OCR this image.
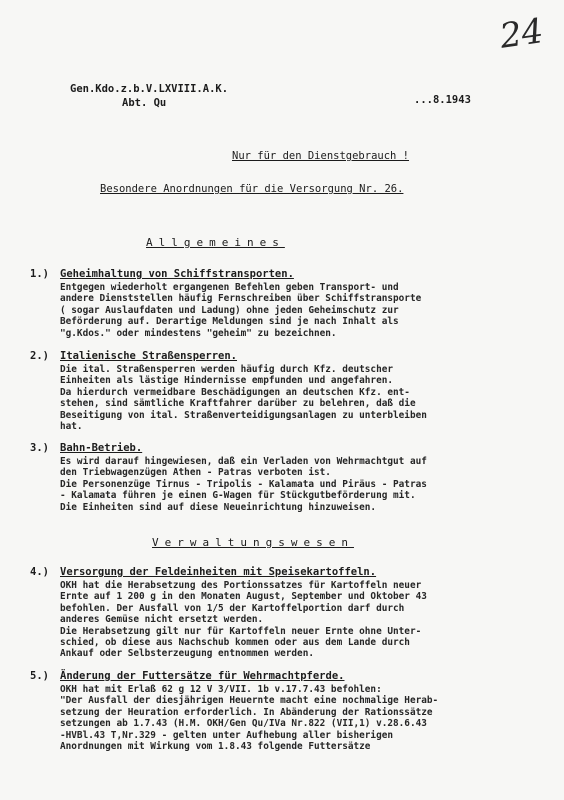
24
Gen.Kdo.z.b.V.LXVIII.A.K.
Abt. Qu	...8.1943
Nur für den Dienstgebrauch !
Besondere Anordnungen für die Versorgung Nr. 26.
Allgemeines
1.)	Geheimhaltung von Schiffstransporten.
Entgegen wiederholt ergangenen Befehlen geben Transport- und
andere Dienststellen häufig Fernschreiben über Schiffstransporte
( sogar Auslaufdaten und Ladung) ohne jeden Geheimschutz zur
Beförderung auf. Derartige Meldungen sind je nach Inhalt als
"g.Kdos." oder mindestens "geheim" zu bezeichnen.
2.)	Italienische Straßensperren.
Die ital. Straßensperren werden häufig durch Kfz. deutscher
Einheiten als lästige Hindernisse empfunden und angefahren.
Da hierdurch vermeidbare Beschädigungen an deutschen Kfz. ent-
stehen, sind sämtliche Kraftfahrer darüber zu belehren, daß die
Beseitigung von ital. Straßenverteidigungsanlagen zu unterbleiben
hat.
3.)	Bahn-Betrieb.
Es wird darauf hingewiesen, daß ein Verladen von Wehrmachtgut auf
den Triebwagenzügen Athen - Patras verboten ist.
Die Personenzüge Tirnus - Tripolis - Kalamata und Piräus - Patras
- Kalamata führen je einen G-Wagen für Stückgutbeförderung mit.
Die Einheiten sind auf diese Neueinrichtung hinzuweisen.
Verwaltungswesen
4.)	Versorgung der Feldeinheiten mit Speisekartoffeln.
OKH hat die Herabsetzung des Portionssatzes für Kartoffeln neuer
Ernte auf 1 200 g in den Monaten August, September und Oktober 43
befohlen. Der Ausfall von 1/5 der Kartoffelportion darf durch
anderes Gemüse nicht ersetzt werden.
Die Herabsetzung gilt nur für Kartoffeln neuer Ernte ohne Unter-
schied, ob diese aus Nachschub kommen oder aus dem Lande durch
Ankauf oder Selbsterzeugung entnommen werden.
5.)	Änderung der Futtersätze für Wehrmachtpferde.
OKH hat mit Erlaß 62 g 12 V 3/VII. 1b v.17.7.43 befohlen:
"Der Ausfall der diesjährigen Heuernte macht eine nochmalige Herab-
setzung der Heuration erforderlich. In Abänderung der Rationssätze
setzungen ab 1.7.43 (H.M. OKH/Gen Qu/IVa Nr.822 (VII,1) v.28.6.43
-HVBl.43 T,Nr.329 - gelten unter Aufhebung aller bisherigen
Anordnungen mit Wirkung vom 1.8.43 folgende Futtersätze
